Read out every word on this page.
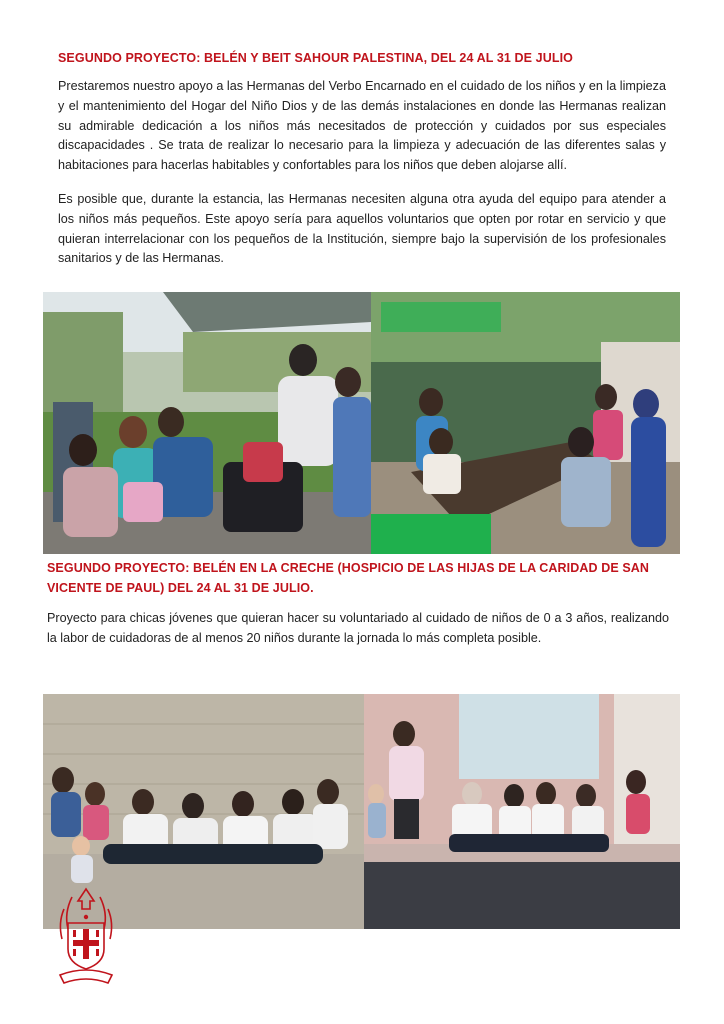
SEGUNDO PROYECTO: BELÉN Y BEIT SAHOUR PALESTINA, DEL 24 AL 31 DE JULIO
Prestaremos nuestro apoyo a las Hermanas del Verbo Encarnado en el cuidado de los niños y en la limpieza y el mantenimiento del Hogar del Niño Dios y de las demás instalaciones en donde las Hermanas realizan su admirable dedicación a los niños más necesitados de protección y cuidados por sus especiales discapacidades . Se trata de realizar lo necesario para la limpieza y adecuación de las diferentes salas y habitaciones para hacerlas habitables y confortables para los niños que deben alojarse allí.
Es posible que, durante la estancia, las Hermanas necesiten alguna otra ayuda del equipo para atender a los niños más pequeños. Este apoyo sería para aquellos voluntarios que opten por rotar en servicio y que quieran interrelacionar con los pequeños de la Institución, siempre bajo la supervisión de los profesionales sanitarios y de las Hermanas.
SEGUNDO PROYECTO: BELÉN EN LA CRECHE (HOSPICIO DE LAS HIJAS DE LA CARIDAD DE SAN VICENTE DE PAUL) DEL 24 AL 31 DE JULIO.
Proyecto para chicas jóvenes que quieran hacer su voluntariado al cuidado de niños de 0 a 3 años, realizando la labor de cuidadoras de al menos 20 niños durante la jornada lo más completa posible.
